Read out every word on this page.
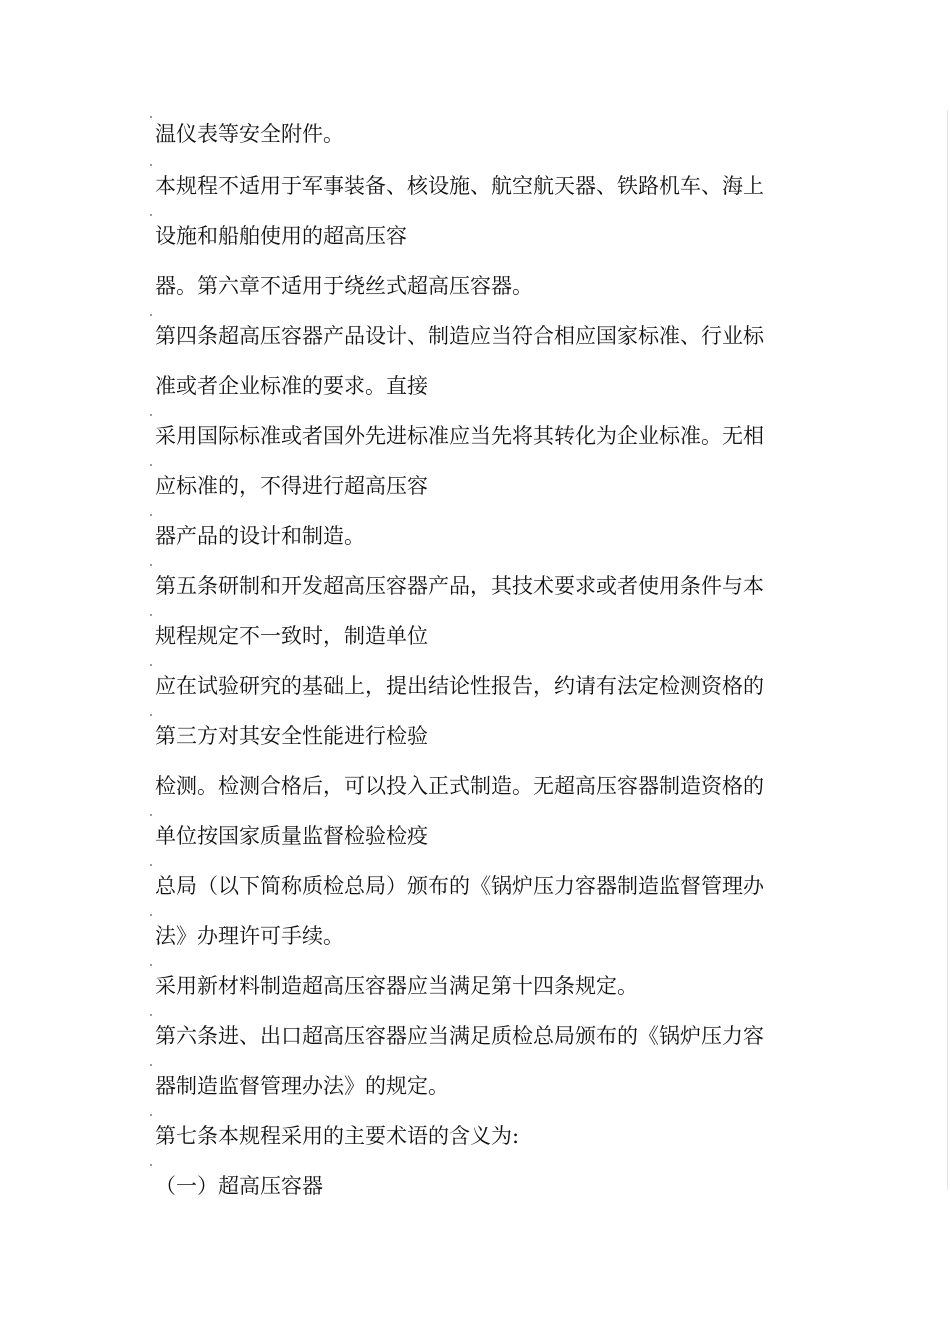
温仪表等安全附件。
本规程不适用于军事装备、核设施、航空航天器、铁路机车、海上
设施和船舶使用的超高压容
器。第六章不适用于绕丝式超高压容器。
第四条超高压容器产品设计、制造应当符合相应国家标准、行业标
准或者企业标准的要求。直接
采用国际标准或者国外先进标准应当先将其转化为企业标准。无相
应标准的，不得进行超高压容
器产品的设计和制造。
第五条研制和开发超高压容器产品，其技术要求或者使用条件与本
规程规定不一致时，制造单位
应在试验研究的基础上，提出结论性报告，约请有法定检测资格的
第三方对其安全性能进行检验
检测。检测合格后，可以投入正式制造。无超高压容器制造资格的
单位按国家质量监督检验检疫
总局（以下简称质检总局）颁布的《锅炉压力容器制造监督管理办
法》办理许可手续。
采用新材料制造超高压容器应当满足第十四条规定。
第六条进、出口超高压容器应当满足质检总局颁布的《锅炉压力容
器制造监督管理办法》的规定。
第七条本规程采用的主要术语的含义为:
（一）超高压容器
